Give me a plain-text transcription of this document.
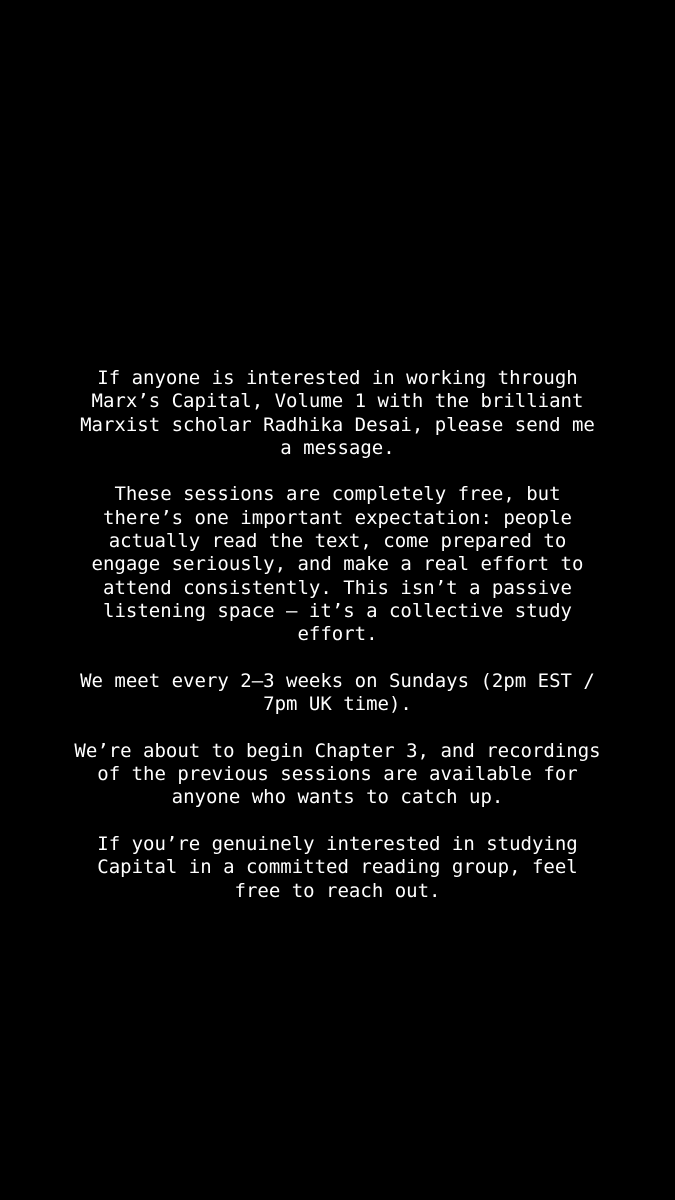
If anyone is interested in working through
Marx’s Capital, Volume 1 with the brilliant
Marxist scholar Radhika Desai, please send me
a message.

These sessions are completely free, but
there’s one important expectation: people
actually read the text, come prepared to
engage seriously, and make a real effort to
attend consistently. This isn’t a passive
listening space — it’s a collective study
effort.

We meet every 2–3 weeks on Sundays (2pm EST /
7pm UK time).

We’re about to begin Chapter 3, and recordings
of the previous sessions are available for
anyone who wants to catch up.

If you’re genuinely interested in studying
Capital in a committed reading group, feel
free to reach out.
